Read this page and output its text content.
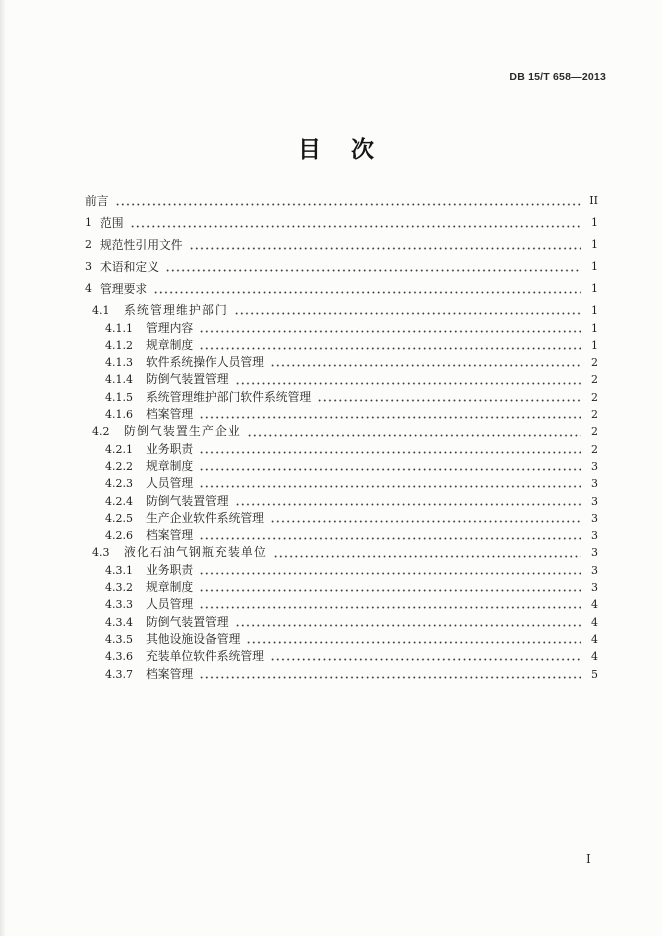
DB 15/T 658—2013
目 次
前言	II
1 范围	1
2 规范性引用文件	1
3 术语和定义	1
4 管理要求	1
4.1	系统管理维护部门	1
4.1.1	管理内容	1
4.1.2	规章制度	1
4.1.3	软件系统操作人员管理	2
4.1.4	防倒气装置管理	2
4.1.5	系统管理维护部门软件系统管理	2
4.1.6	档案管理	2
4.2	防倒气装置生产企业	2
4.2.1	业务职责	2
4.2.2	规章制度	3
4.2.3	人员管理	3
4.2.4	防倒气装置管理	3
4.2.5	生产企业软件系统管理	3
4.2.6	档案管理	3
4.3	液化石油气钢瓶充装单位	3
4.3.1	业务职责	3
4.3.2	规章制度	3
4.3.3	人员管理	4
4.3.4	防倒气装置管理	4
4.3.5	其他设施设备管理	4
4.3.6	充装单位软件系统管理	4
4.3.7	档案管理	5
I
